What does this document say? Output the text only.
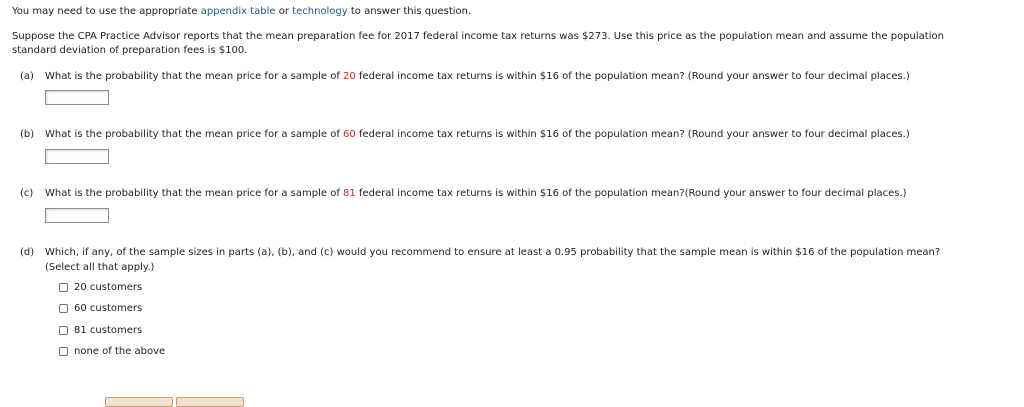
You may need to use the appropriate appendix table or technology to answer this question.
Suppose the CPA Practice Advisor reports that the mean preparation fee for 2017 federal income tax returns was $273. Use this price as the population mean and assume the population
standard deviation of preparation fees is $100.
(a) What is the probability that the mean price for a sample of 20 federal income tax returns is within $16 of the population mean? (Round your answer to four decimal places.)
(b) What is the probability that the mean price for a sample of 60 federal income tax returns is within $16 of the population mean? (Round your answer to four decimal places.)
(c) What is the probability that the mean price for a sample of 81 federal income tax returns is within $16 of the population mean?(Round your answer to four decimal places.)
(d) Which, if any, of the sample sizes in parts (a), (b), and (c) would you recommend to ensure at least a 0.95 probability that the sample mean is within $16 of the population mean?
(Select all that apply.)
20 customers
60 customers
81 customers
none of the above
